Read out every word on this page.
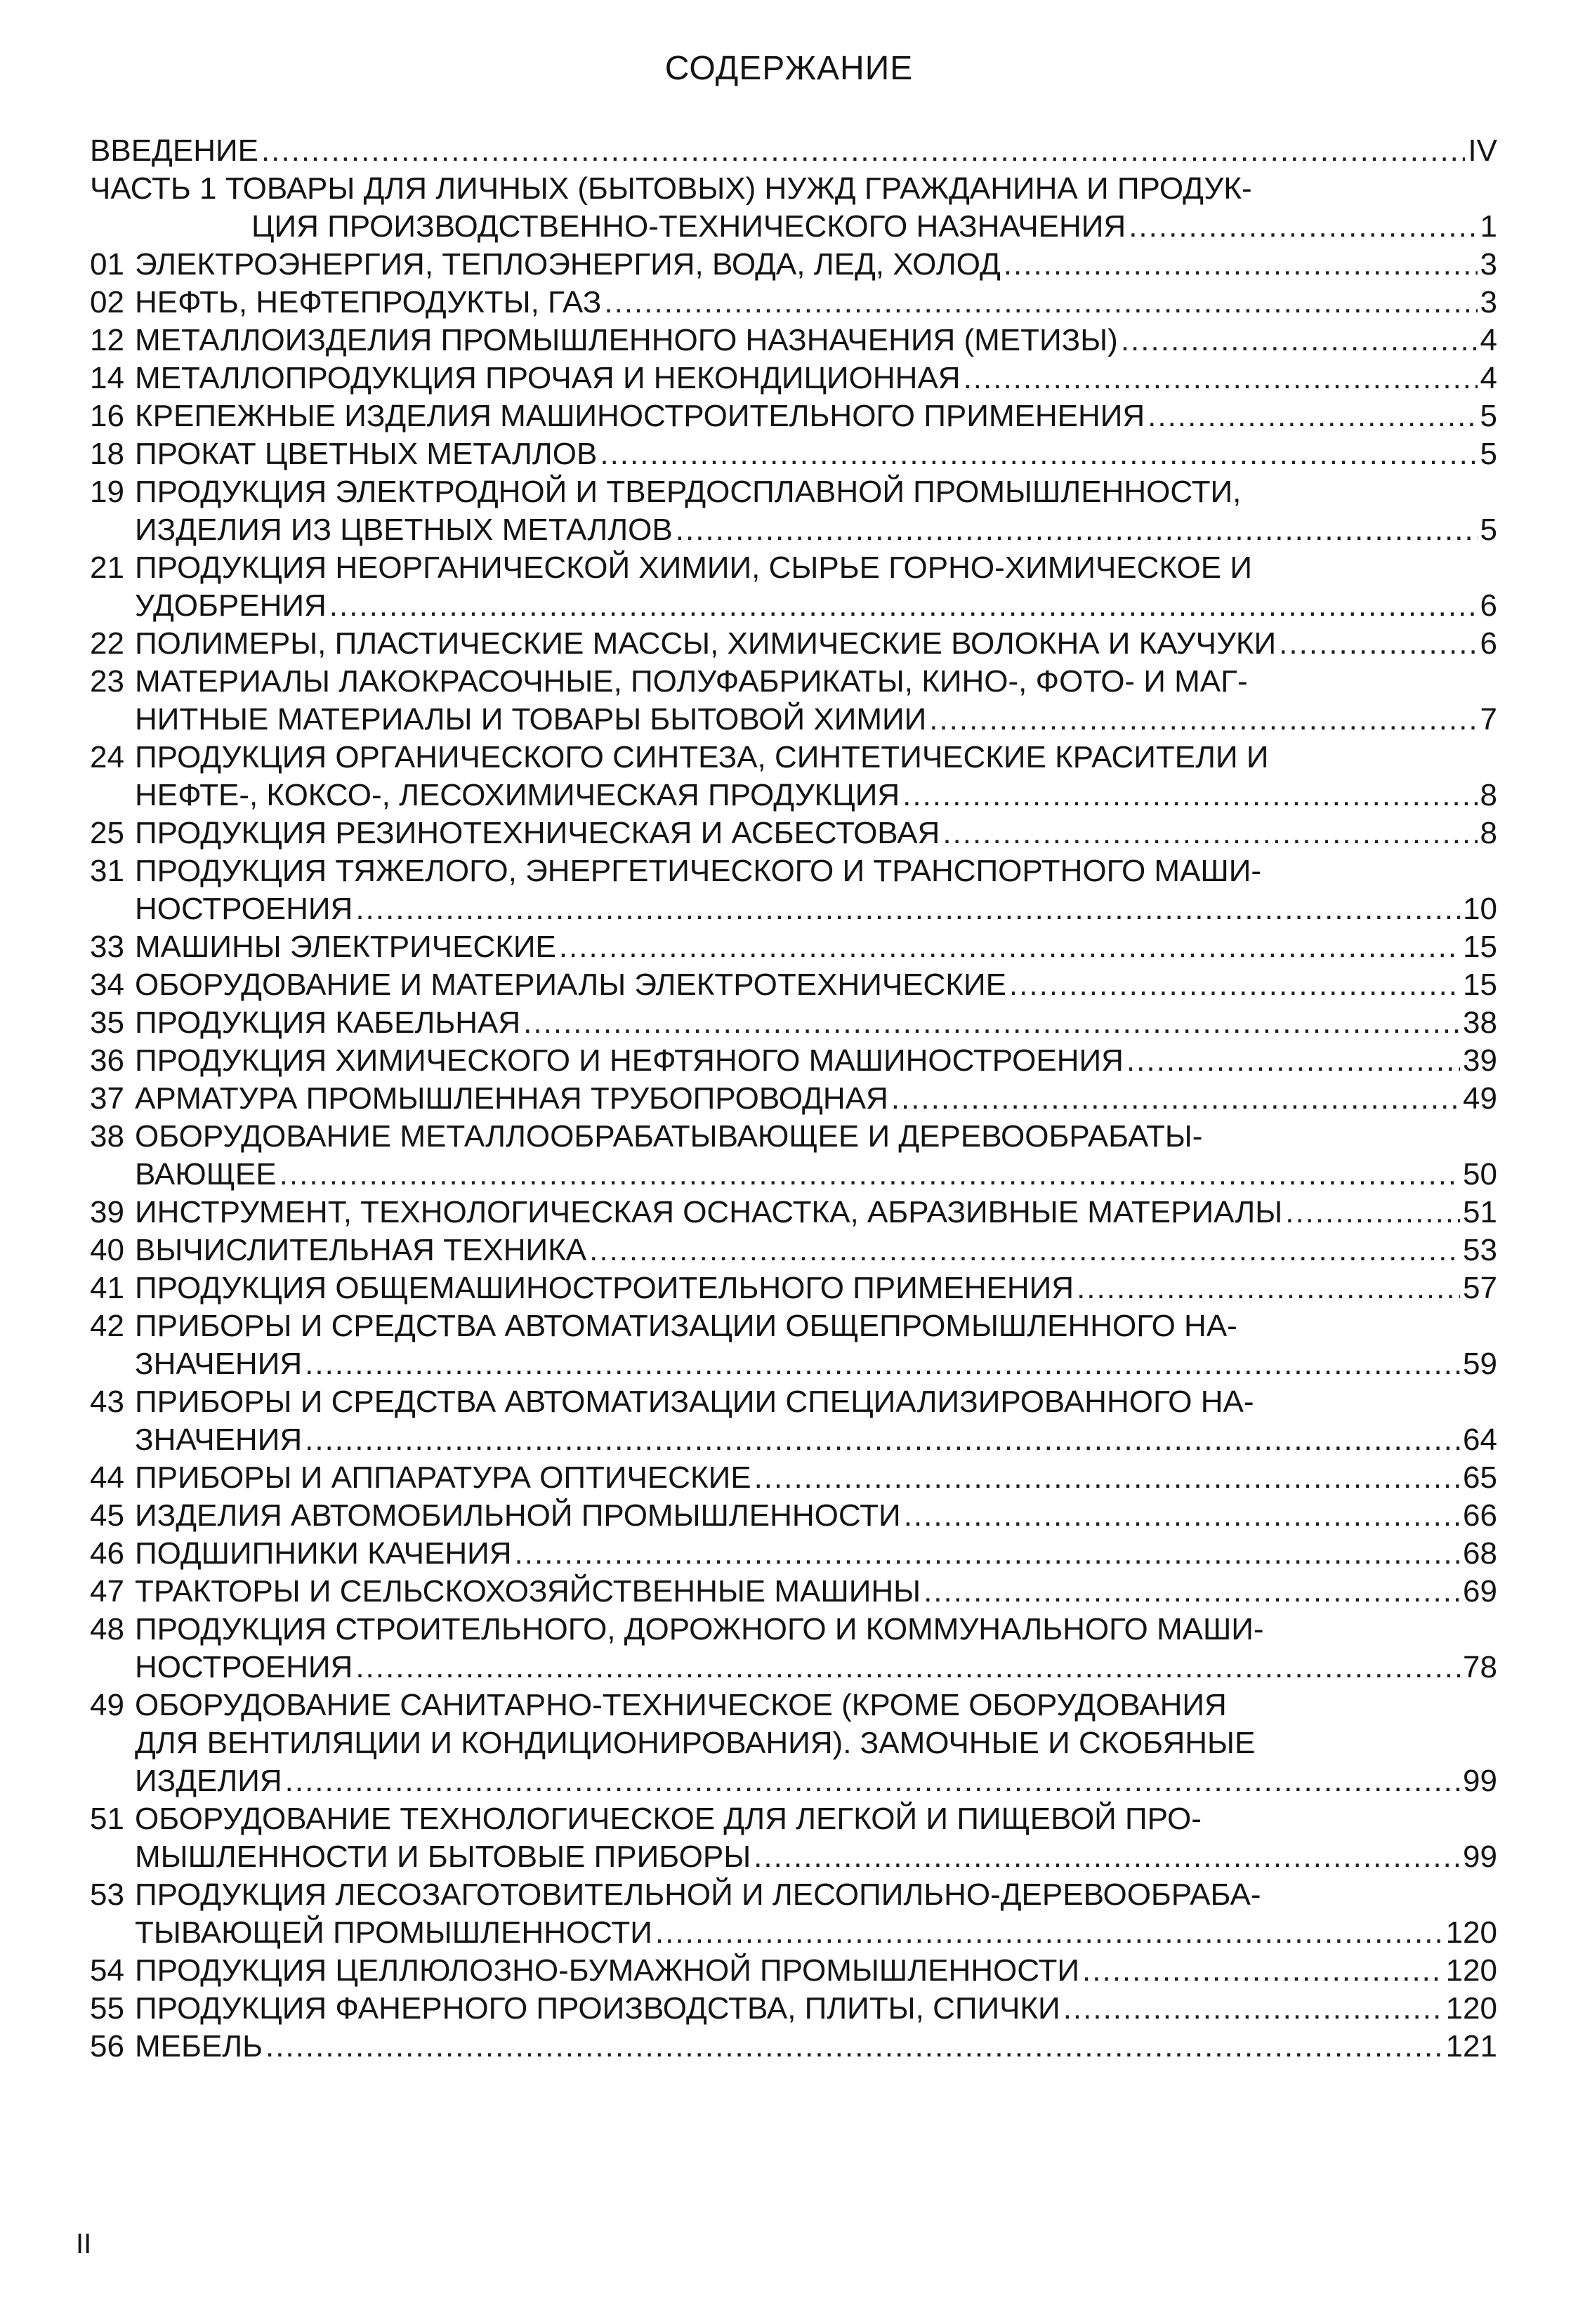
СОДЕРЖАНИЕ
ВВЕДЕНИЕ .....	IV
ЧАСТЬ 1 ТОВАРЫ ДЛЯ ЛИЧНЫХ (БЫТОВЫХ) НУЖД ГРАЖДАНИНА И ПРОДУК-
ЦИЯ ПРОИЗВОДСТВЕННО-ТЕХНИЧЕСКОГО НАЗНАЧЕНИЯ .....	1
01 ЭЛЕКТРОЭНЕРГИЯ, ТЕПЛОЭНЕРГИЯ, ВОДА, ЛЕД, ХОЛОД .....	3
02 НЕФТЬ, НЕФТЕПРОДУКТЫ, ГАЗ .....	3
12 МЕТАЛЛОИЗДЕЛИЯ ПРОМЫШЛЕННОГО НАЗНАЧЕНИЯ (МЕТИЗЫ) .....	4
14 МЕТАЛЛОПРОДУКЦИЯ ПРОЧАЯ И НЕКОНДИЦИОННАЯ .....	4
16 КРЕПЕЖНЫЕ ИЗДЕЛИЯ МАШИНОСТРОИТЕЛЬНОГО ПРИМЕНЕНИЯ .....	5
18 ПРОКАТ ЦВЕТНЫХ МЕТАЛЛОВ .....	5
19 ПРОДУКЦИЯ ЭЛЕКТРОДНОЙ И ТВЕРДОСПЛАВНОЙ ПРОМЫШЛЕННОСТИ,
ИЗДЕЛИЯ ИЗ ЦВЕТНЫХ МЕТАЛЛОВ .....	5
21 ПРОДУКЦИЯ НЕОРГАНИЧЕСКОЙ ХИМИИ, СЫРЬЕ ГОРНО-ХИМИЧЕСКОЕ И
УДОБРЕНИЯ .....	6
22 ПОЛИМЕРЫ, ПЛАСТИЧЕСКИЕ МАССЫ, ХИМИЧЕСКИЕ ВОЛОКНА И КАУЧУКИ .....	6
23 МАТЕРИАЛЫ ЛАКОКРАСОЧНЫЕ, ПОЛУФАБРИКАТЫ, КИНО-, ФОТО- И МАГ-
НИТНЫЕ МАТЕРИАЛЫ И ТОВАРЫ БЫТОВОЙ ХИМИИ .....	7
24 ПРОДУКЦИЯ ОРГАНИЧЕСКОГО СИНТЕЗА, СИНТЕТИЧЕСКИЕ КРАСИТЕЛИ И
НЕФТЕ-, КОКСО-, ЛЕСОХИМИЧЕСКАЯ ПРОДУКЦИЯ .....	8
25 ПРОДУКЦИЯ РЕЗИНОТЕХНИЧЕСКАЯ И АСБЕСТОВАЯ .....	8
31 ПРОДУКЦИЯ ТЯЖЕЛОГО, ЭНЕРГЕТИЧЕСКОГО И ТРАНСПОРТНОГО МАШИ-
НОСТРОЕНИЯ .....	10
33 МАШИНЫ ЭЛЕКТРИЧЕСКИЕ .....	15
34 ОБОРУДОВАНИЕ И МАТЕРИАЛЫ ЭЛЕКТРОТЕХНИЧЕСКИЕ .....	15
35 ПРОДУКЦИЯ КАБЕЛЬНАЯ .....	38
36 ПРОДУКЦИЯ ХИМИЧЕСКОГО И НЕФТЯНОГО МАШИНОСТРОЕНИЯ .....	39
37 АРМАТУРА ПРОМЫШЛЕННАЯ ТРУБОПРОВОДНАЯ .....	49
38 ОБОРУДОВАНИЕ МЕТАЛЛООБРАБАТЫВАЮЩЕЕ И ДЕРЕВООБРАБАТЫ-
ВАЮЩЕЕ .....	50
39 ИНСТРУМЕНТ, ТЕХНОЛОГИЧЕСКАЯ ОСНАСТКА, АБРАЗИВНЫЕ МАТЕРИАЛЫ .....	51
40 ВЫЧИСЛИТЕЛЬНАЯ ТЕХНИКА .....	53
41 ПРОДУКЦИЯ ОБЩЕМАШИНОСТРОИТЕЛЬНОГО ПРИМЕНЕНИЯ .....	57
42 ПРИБОРЫ И СРЕДСТВА АВТОМАТИЗАЦИИ ОБЩЕПРОМЫШЛЕННОГО НА-
ЗНАЧЕНИЯ .....	59
43 ПРИБОРЫ И СРЕДСТВА АВТОМАТИЗАЦИИ СПЕЦИАЛИЗИРОВАННОГО НА-
ЗНАЧЕНИЯ .....	64
44 ПРИБОРЫ И АППАРАТУРА ОПТИЧЕСКИЕ .....	65
45 ИЗДЕЛИЯ АВТОМОБИЛЬНОЙ ПРОМЫШЛЕННОСТИ .....	66
46 ПОДШИПНИКИ КАЧЕНИЯ .....	68
47 ТРАКТОРЫ И СЕЛЬСКОХОЗЯЙСТВЕННЫЕ МАШИНЫ .....	69
48 ПРОДУКЦИЯ СТРОИТЕЛЬНОГО, ДОРОЖНОГО И КОММУНАЛЬНОГО МАШИ-
НОСТРОЕНИЯ .....	78
49 ОБОРУДОВАНИЕ САНИТАРНО-ТЕХНИЧЕСКОЕ (КРОМЕ ОБОРУДОВАНИЯ
ДЛЯ ВЕНТИЛЯЦИИ И КОНДИЦИОНИРОВАНИЯ). ЗАМОЧНЫЕ И СКОБЯНЫЕ
ИЗДЕЛИЯ .....	99
51 ОБОРУДОВАНИЕ ТЕХНОЛОГИЧЕСКОЕ ДЛЯ ЛЕГКОЙ И ПИЩЕВОЙ ПРО-
МЫШЛЕННОСТИ И БЫТОВЫЕ ПРИБОРЫ .....	99
53 ПРОДУКЦИЯ ЛЕСОЗАГОТОВИТЕЛЬНОЙ И ЛЕСОПИЛЬНО-ДЕРЕВООБРАБА-
ТЫВАЮЩЕЙ ПРОМЫШЛЕННОСТИ .....	120
54 ПРОДУКЦИЯ ЦЕЛЛЮЛОЗНО-БУМАЖНОЙ ПРОМЫШЛЕННОСТИ .....	120
55 ПРОДУКЦИЯ ФАНЕРНОГО ПРОИЗВОДСТВА, ПЛИТЫ, СПИЧКИ .....	120
56 МЕБЕЛЬ .....	121
II
